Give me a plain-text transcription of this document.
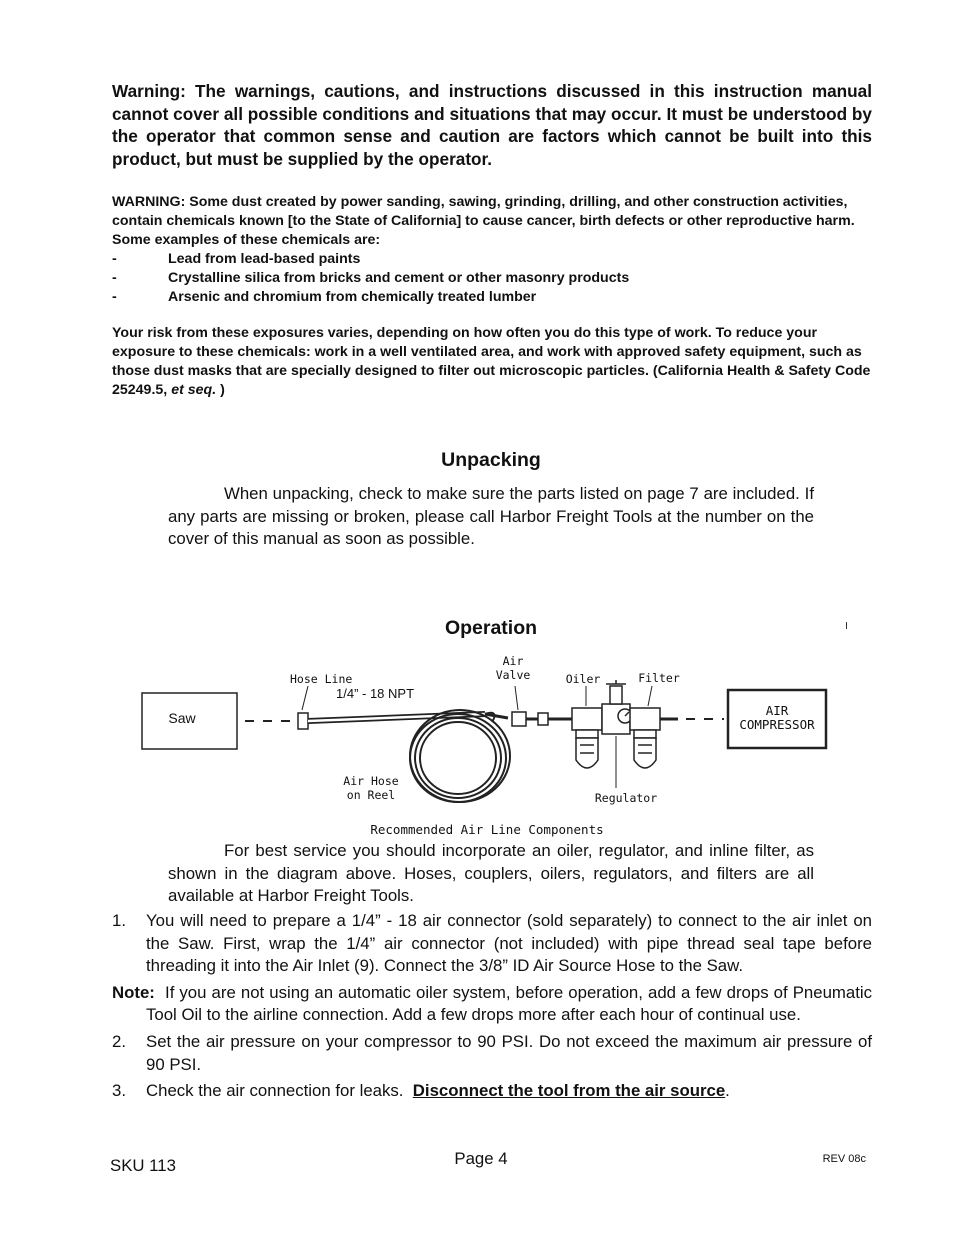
Warning: The warnings, cautions, and instructions discussed in this instruction manual cannot cover all possible conditions and situations that may occur. It must be understood by the operator that common sense and caution are factors which cannot be built into this product, but must be supplied by the operator.
WARNING: Some dust created by power sanding, sawing, grinding, drilling, and other construction activities, contain chemicals known [to the State of California] to cause cancer, birth defects or other reproductive harm. Some examples of these chemicals are:
-	Lead from lead-based paints
-	Crystalline silica from bricks and cement or other masonry products
-	Arsenic and chromium from chemically treated lumber
Your risk from these exposures varies, depending on how often you do this type of work. To reduce your exposure to these chemicals: work in a well ventilated area, and work with approved safety equipment, such as those dust masks that are specially designed to filter out microscopic particles. (California Health & Safety Code 25249.5, et seq. )
Unpacking
When unpacking, check to make sure the parts listed on page 7 are included. If any parts are missing or broken, please call Harbor Freight Tools at the number on the cover of this manual as soon as possible.
Operation
Saw
Hose Line
1/4” - 18 NPT
Air
Valve	Oiler	Filter
AIR
COMPRESSOR
Air Hose
on Reel	Regulator
Recommended Air Line Components
For best service you should incorporate an oiler, regulator, and inline filter, as shown in the diagram above. Hoses, couplers, oilers, regulators, and filters are all available at Harbor Freight Tools.
1.	You will need to prepare a 1/4” - 18 air connector (sold separately) to connect to the air inlet on the Saw. First, wrap the 1/4” air connector (not included) with pipe thread seal tape before threading it into the Air Inlet (9). Connect the 3/8” ID Air Source Hose to the Saw.
Note: If you are not using an automatic oiler system, before operation, add a few drops of Pneumatic Tool Oil to the airline connection. Add a few drops more after each hour of continual use.
2.	Set the air pressure on your compressor to 90 PSI. Do not exceed the maximum air pressure of 90 PSI.
3.	Check the air connection for leaks. Disconnect the tool from the air source.
SKU 113	Page 4	REV 08c
